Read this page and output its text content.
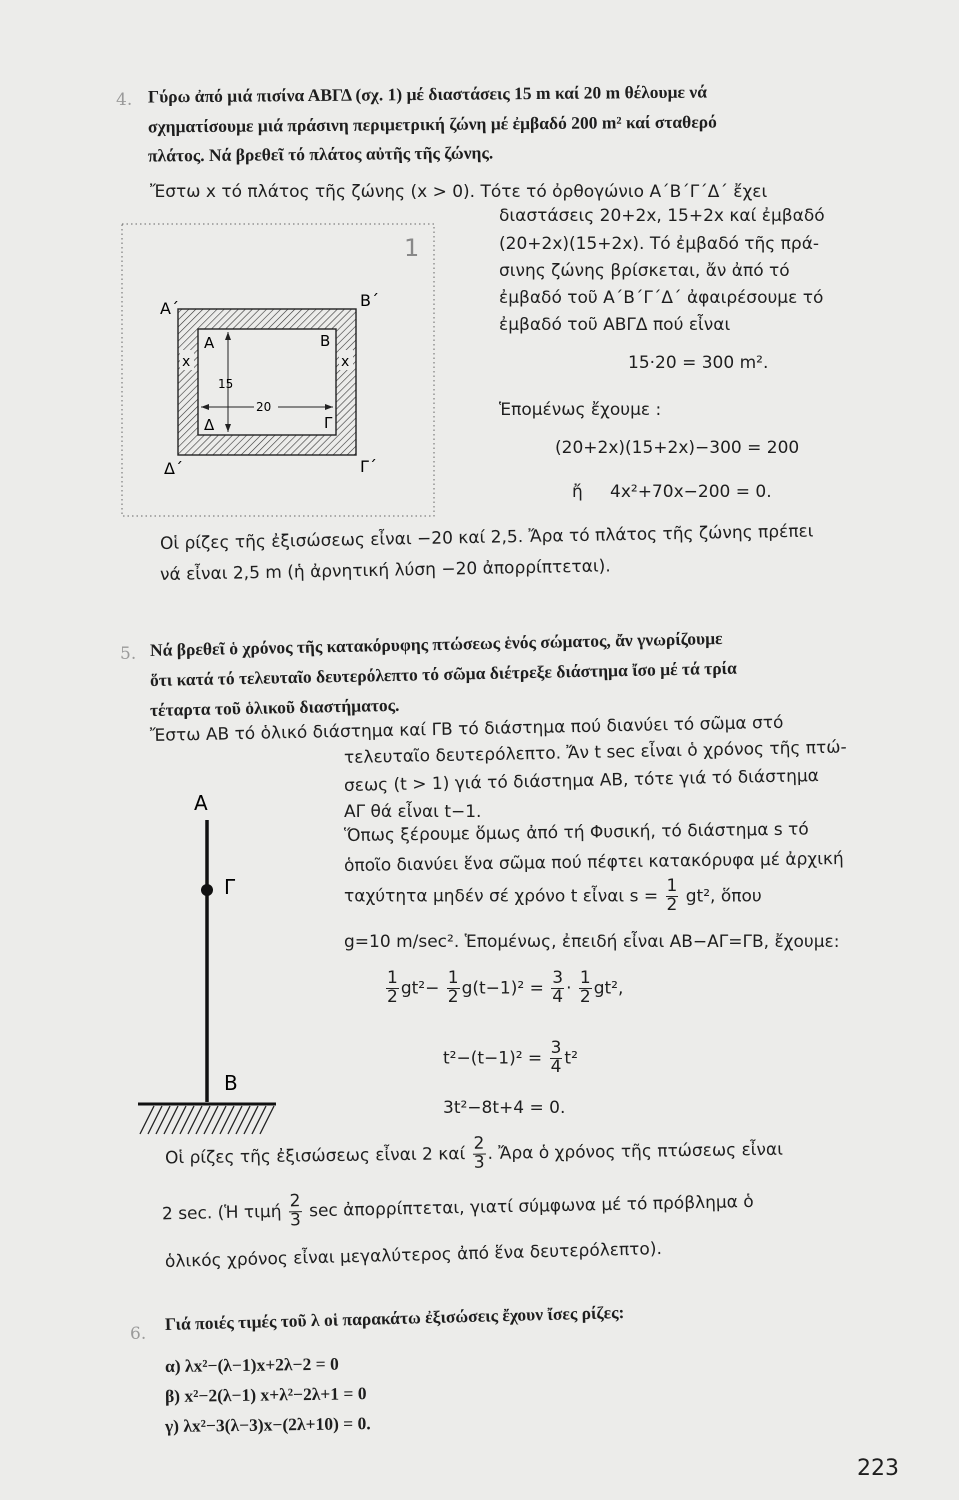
4. Γύρω ἀπό μιά πισίνα ΑΒΓΔ (σχ. 1) μέ διαστάσεις 15 m καί 20 m θέλουμε νά
σχηματίσουμε μιά πράσινη περιμετρική ζώνη μέ ἐμβαδό 200 m² καί σταθερό
πλάτος. Νά βρεθεῖ τό πλάτος αὐτῆς τῆς ζώνης.
Ἔστω x τό πλάτος τῆς ζώνης (x > 0). Τότε τό ὀρθογώνιο Α΄Β΄Γ΄Δ΄ ἔχει
διαστάσεις 20+2x, 15+2x καί ἐμβαδό
(20+2x)(15+2x). Τό ἐμβαδό τῆς πρά-
σινης ζώνης βρίσκεται, ἄν ἀπό τό
ἐμβαδό τοῦ Α΄Β΄Γ΄Δ΄ ἀφαιρέσουμε τό
ἐμβαδό τοῦ ΑΒΓΔ πού εἶναι
15·20 = 300 m².
Ἑπομένως ἔχουμε :
(20+2x)(15+2x)−300 = 200
ἤ 4x²+70x−200 = 0.
Οἱ ρίζες τῆς ἐξισώσεως εἶναι −20 καί 2,5. Ἄρα τό πλάτος τῆς ζώνης πρέπει
νά εἶναι 2,5 m (ἡ ἀρνητική λύση −20 ἀπορρίπτεται).
1
Α΄	Β΄
Γ΄
Δ΄
Α	Β
Γ
Δ
x	x
15
20
5. Νά βρεθεῖ ὁ χρόνος τῆς κατακόρυφης πτώσεως ἑνός σώματος, ἄν γνωρίζουμε
ὅτι κατά τό τελευταῖο δευτερόλεπτο τό σῶμα διέτρεξε διάστημα ἴσο μέ τά τρία
τέταρτα τοῦ ὁλικοῦ διαστήματος.
Ἔστω ΑΒ τό ὁλικό διάστημα καί ΓΒ τό διάστημα πού διανύει τό σῶμα στό
τελευταῖο δευτερόλεπτο. Ἄν t sec εἶναι ὁ χρόνος τῆς πτώ-
σεως (t > 1) γιά τό διάστημα ΑΒ, τότε γιά τό διάστημα
ΑΓ θά εἶναι t−1.
Ὅπως ξέρουμε ὅμως ἀπό τή Φυσική, τό διάστημα s τό
ὁποῖο διανύει ἕνα σῶμα πού πέφτει κατακόρυφα μέ ἀρχική
ταχύτητα μηδέν σέ χρόνο t εἶναι $s = \frac{1}{2} gt^2$, ὅπου
g=10 m/sec². Ἑπομένως, ἐπειδή εἶναι ΑΒ−ΑΓ=ΓΒ, ἔχουμε:
$\frac{1}{2} gt^2- \frac{1}{2} g(t-1)^2 = \frac{3}{4} \cdot \frac{1}{2} gt^2$,
$t^2-(t-1)^2 = \frac{3}{4} t^2$
3t²−8t+4 = 0.
Οἱ ρίζες τῆς ἐξισώσεως εἶναι 2 καί $\frac{2}{3}$ . Ἄρα ὁ χρόνος τῆς πτώσεως εἶναι
2 sec. (Ἡ τιμή $\frac{2}{3}$ sec ἀπορρίπτεται, γιατί σύμφωνα μέ τό πρόβλημα ὁ
ὁλικός χρόνος εἶναι μεγαλύτερος ἀπό ἕνα δευτερόλεπτο).
Α
Γ
Β
6.
Γιά ποιές τιμές τοῦ λ οἱ παρακάτω ἐξισώσεις ἔχουν ἴσες ρίζες:
α) λx²−(λ−1)x+2λ−2 = 0
β) x²−2(λ−1) x+λ²−2λ+1 = 0
γ) λx²−3(λ−3)x−(2λ+10) = 0.
223
